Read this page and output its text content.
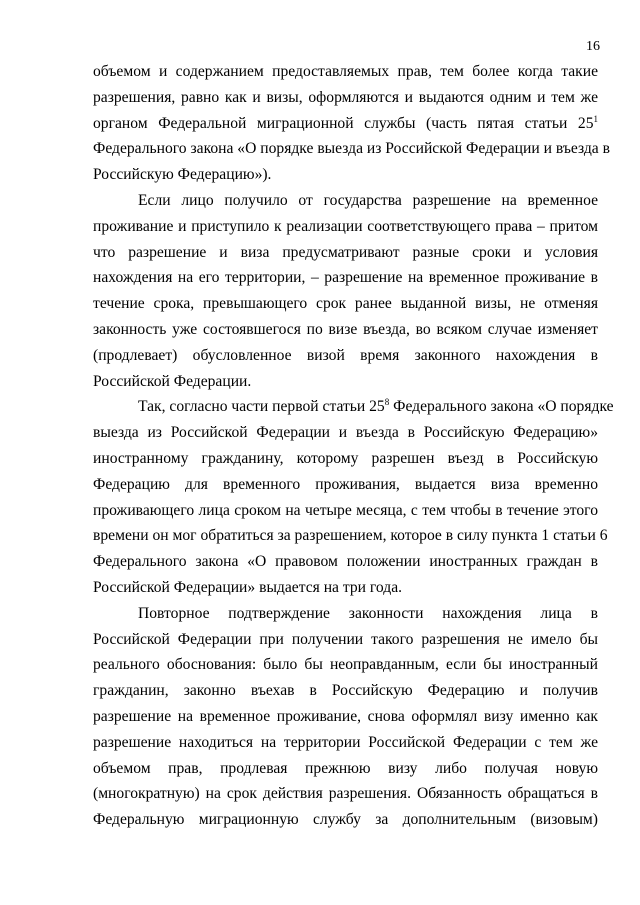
16
объемом и содержанием предоставляемых прав, тем более когда такие
разрешения, равно как и визы, оформляются и выдаются одним и тем же
органом Федеральной миграционной службы (часть пятая статьи $25^1$
Федерального закона «О порядке выезда из Российской Федерации и въезда в
Российскую Федерацию»).
Если лицо получило от государства разрешение на временное
проживание и приступило к реализации соответствующего права – притом
что разрешение и виза предусматривают разные сроки и условия
нахождения на его территории, – разрешение на временное проживание в
течение срока, превышающего срок ранее выданной визы, не отменяя
законность уже состоявшегося по визе въезда, во всяком случае изменяет
(продлевает) обусловленное визой время законного нахождения в
Российской Федерации.
Так, согласно части первой статьи $25^8$ Федерального закона «О порядке
выезда из Российской Федерации и въезда в Российскую Федерацию»
иностранному гражданину, которому разрешен въезд в Российскую
Федерацию для временного проживания, выдается виза временно
проживающего лица сроком на четыре месяца, с тем чтобы в течение этого
времени он мог обратиться за разрешением, которое в силу пункта 1 статьи 6
Федерального закона «О правовом положении иностранных граждан в
Российской Федерации» выдается на три года.
Повторное подтверждение законности нахождения лица в
Российской Федерации при получении такого разрешения не имело бы
реального обоснования: было бы неоправданным, если бы иностранный
гражданин, законно въехав в Российскую Федерацию и получив
разрешение на временное проживание, снова оформлял визу именно как
разрешение находиться на территории Российской Федерации с тем же
объемом прав, продлевая прежнюю визу либо получая новую
(многократную) на срок действия разрешения. Обязанность обращаться в
Федеральную миграционную службу за дополнительным (визовым)
